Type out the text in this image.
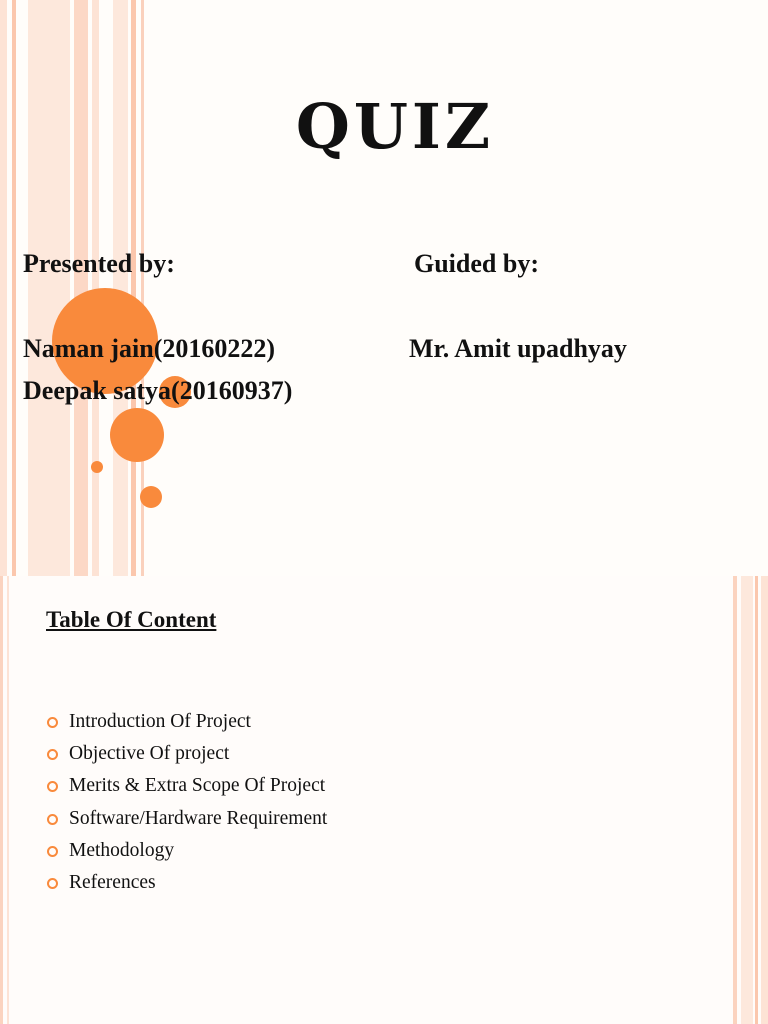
QUIZ

Presented by:	Guided by:

Naman jain(20160222)	Mr. Amit upadhyay

Deepak satya(20160937)

Table Of Content
Introduction Of Project
Objective Of project
Merits & Extra Scope Of Project
Software/Hardware Requirement
Methodology
References
